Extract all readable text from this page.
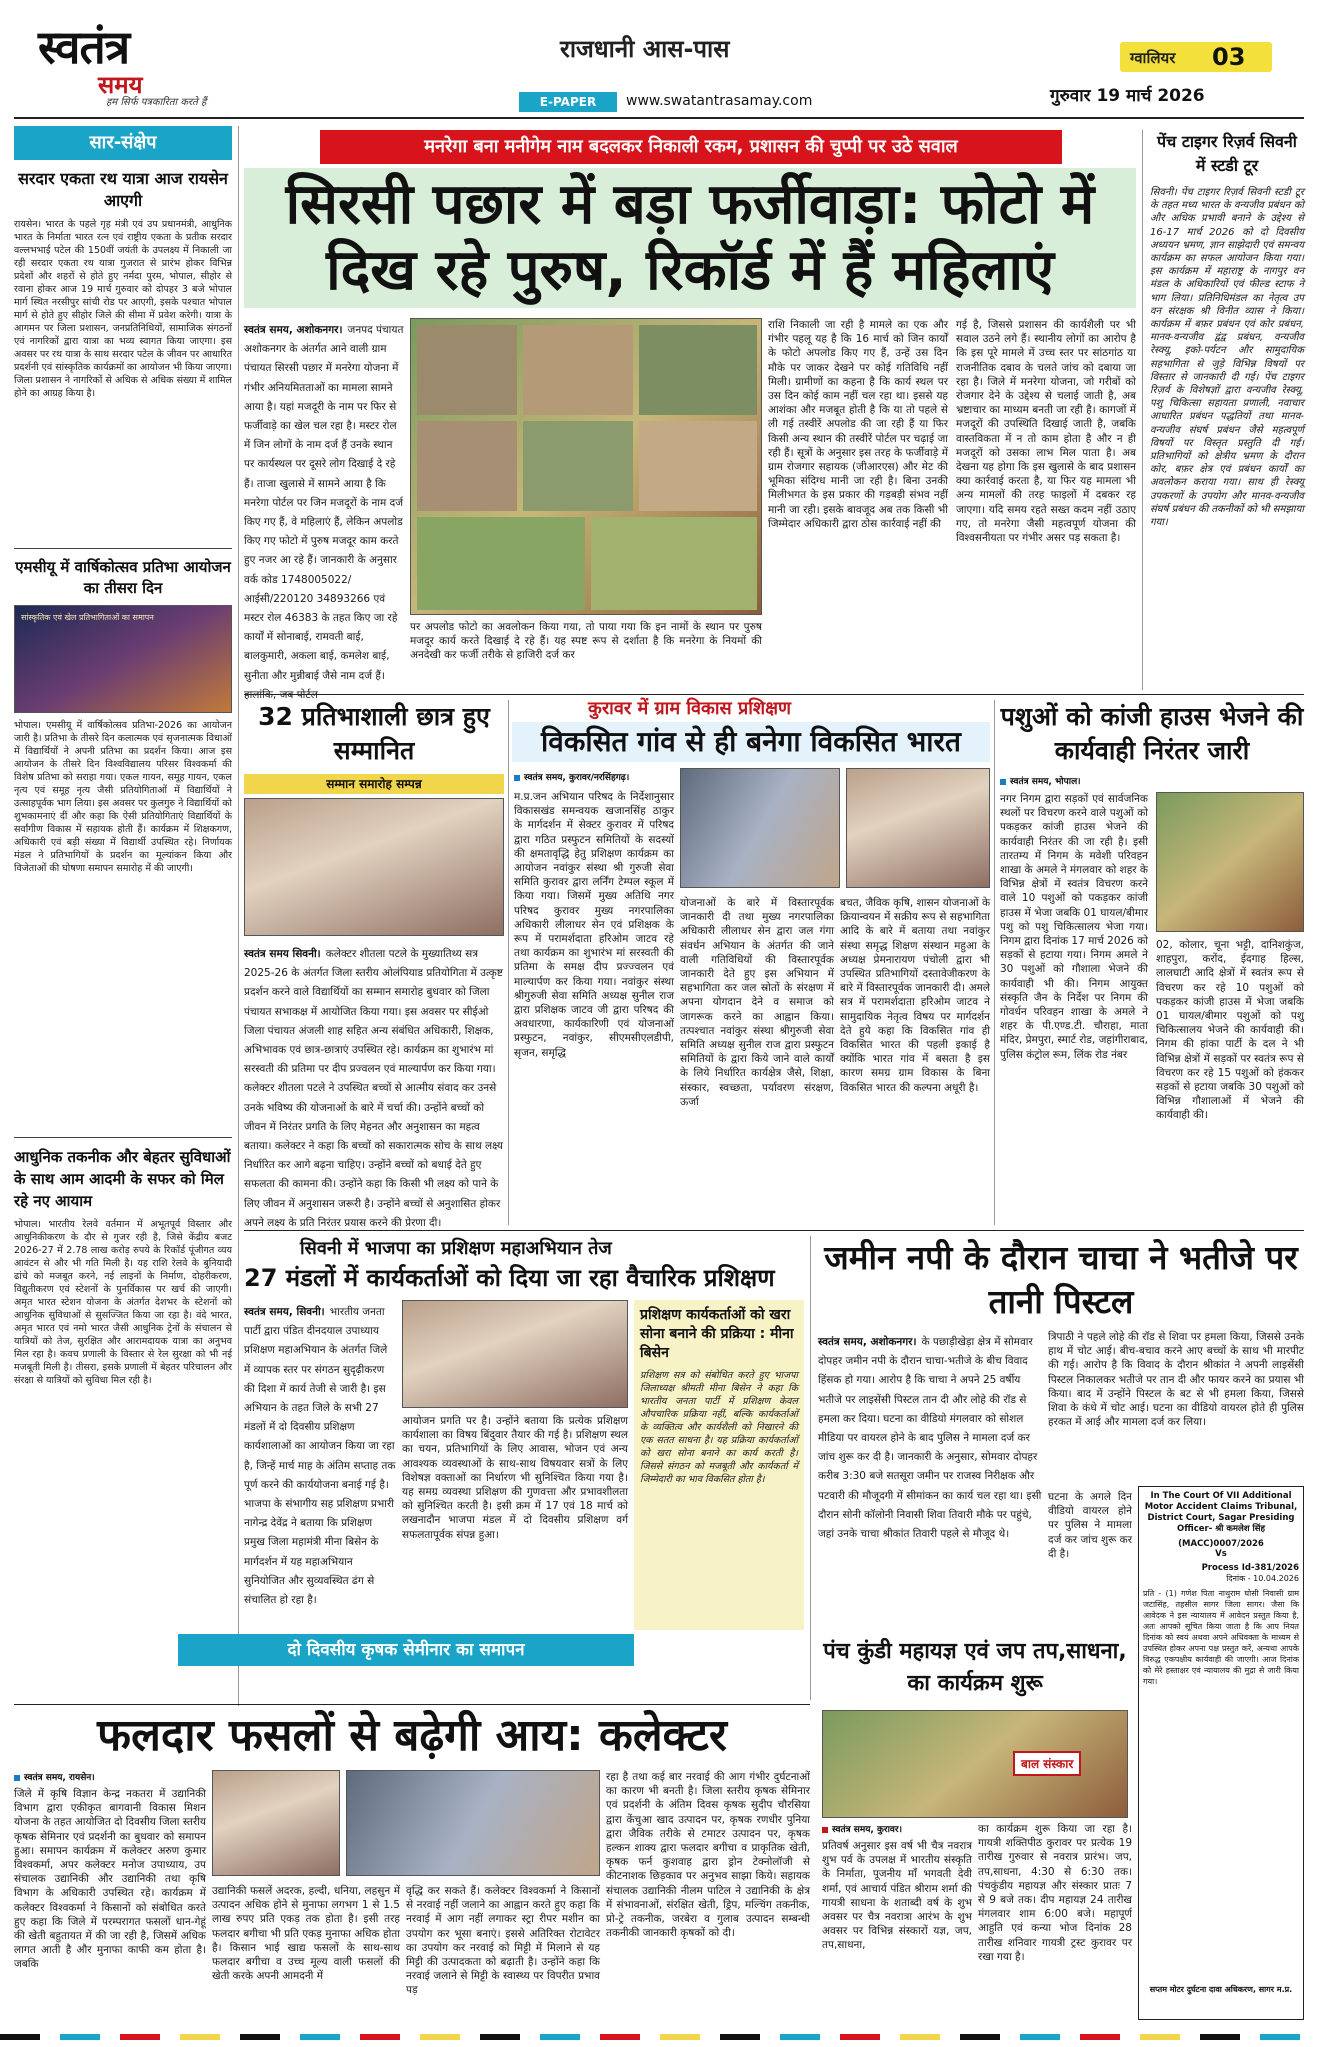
स्वतंत्र
समय
हम सिर्फ पत्रकारिता करते हैं
राजधानी आस-पास
E-PAPER	www.swatantrasamay.com
ग्वालियर 03
गुरुवार 19 मार्च 2026
सार-संक्षेप
सरदार एकता रथ यात्रा आज रायसेन आएगी
रायसेन। भारत के पहले गृह मंत्री एवं उप प्रधानमंत्री, आधुनिक भारत के निर्माता भारत रत्न एवं राष्ट्रीय एकता के प्रतीक सरदार वल्लभभाई पटेल की 150वीं जयंती के उपलक्ष्य में निकाली जा रही सरदार एकता रथ यात्रा गुजरात से प्रारंभ होकर विभिन्न प्रदेशों और शहरों से होते हुए नर्मदा पुरम, भोपाल, सीहोर से रवाना होकर आज 19 मार्च गुरुवार को दोपहर 3 बजे भोपाल मार्ग स्थित नरसीपुर सांची रोड पर आएगी, इसके पश्चात भोपाल मार्ग से होते हुए सीहोर जिले की सीमा में प्रवेश करेगी। यात्रा के आगमन पर जिला प्रशासन, जनप्रतिनिधियों, सामाजिक संगठनों एवं नागरिकों द्वारा यात्रा का भव्य स्वागत किया जाएगा। इस अवसर पर रथ यात्रा के साथ सरदार पटेल के जीवन पर आधारित प्रदर्शनी एवं सांस्कृतिक कार्यक्रमों का आयोजन भी किया जाएगा। जिला प्रशासन ने नागरिकों से अधिक से अधिक संख्या में शामिल होने का आग्रह किया है।
एमसीयू में वार्षिकोत्सव प्रतिभा आयोजन का तीसरा दिन
सांस्कृतिक एवं खेल प्रतिभागिताओं का समापन
भोपाल। एमसीयू में वार्षिकोत्सव प्रतिभा-2026 का आयोजन जारी है। प्रतिभा के तीसरे दिन कलात्मक एवं सृजनात्मक विधाओं में विद्यार्थियों ने अपनी प्रतिभा का प्रदर्शन किया। आज इस आयोजन के तीसरे दिन विश्वविद्यालय परिसर विश्वकर्मा की विशेष प्रतिभा को सराहा गया। एकल गायन, समूह गायन, एकल नृत्य एवं समूह नृत्य जैसी प्रतियोगिताओं में विद्यार्थियों ने उत्साहपूर्वक भाग लिया। इस अवसर पर कुलगुरु ने विद्यार्थियों को शुभकामनाएं दीं और कहा कि ऐसी प्रतियोगिताएं विद्यार्थियों के सर्वांगीण विकास में सहायक होती हैं। कार्यक्रम में शिक्षकगण, अधिकारी एवं बड़ी संख्या में विद्यार्थी उपस्थित रहे। निर्णायक मंडल ने प्रतिभागियों के प्रदर्शन का मूल्यांकन किया और विजेताओं की घोषणा समापन समारोह में की जाएगी।
आधुनिक तकनीक और बेहतर सुविधाओं के साथ आम आदमी के सफर को मिल रहे नए आयाम
भोपाल। भारतीय रेलवे वर्तमान में अभूतपूर्व विस्तार और आधुनिकीकरण के दौर से गुजर रही है, जिसे केंद्रीय बजट 2026-27 में 2.78 लाख करोड़ रुपये के रिकॉर्ड पूंजीगत व्यय आवंटन से और भी गति मिली है। यह राशि रेलवे के बुनियादी ढांचे को मजबूत करने, नई लाइनों के निर्माण, दोहरीकरण, विद्युतीकरण एवं स्टेशनों के पुनर्विकास पर खर्च की जाएगी। अमृत भारत स्टेशन योजना के अंतर्गत देशभर के स्टेशनों को आधुनिक सुविधाओं से सुसज्जित किया जा रहा है। वंदे भारत, अमृत भारत एवं नमो भारत जैसी आधुनिक ट्रेनों के संचालन से यात्रियों को तेज, सुरक्षित और आरामदायक यात्रा का अनुभव मिल रहा है। कवच प्रणाली के विस्तार से रेल सुरक्षा को भी नई मजबूती मिली है। तीसरा, इसके प्रणाली में बेहतर परिचालन और संरक्षा से यात्रियों को सुविधा मिल रही है।
मनरेगा बना मनीगेम नाम बदलकर निकाली रकम, प्रशासन की चुप्पी पर उठे सवाल
सिरसी पछार में बड़ा फर्जीवाड़ा: फोटो में
दिख रहे पुरुष, रिकॉर्ड में हैं महिलाएं
स्वतंत्र समय, अशोकनगर। जनपद पंचायत अशोकनगर के अंतर्गत आने वाली ग्राम पंचायत सिरसी पछार में मनरेगा योजना में गंभीर अनियमितताओं का मामला सामने आया है। यहां मजदूरी के नाम पर फिर से फर्जीवाड़े का खेल चल रहा है। मस्टर रोल में जिन लोगों के नाम दर्ज हैं उनके स्थान पर कार्यस्थल पर दूसरे लोग दिखाई दे रहे हैं। ताजा खुलासे में सामने आया है कि मनरेगा पोर्टल पर जिन मजदूरों के नाम दर्ज किए गए हैं, वे महिलाएं हैं, लेकिन अपलोड किए गए फोटो में पुरुष मजदूर काम करते हुए नजर आ रहे हैं। जानकारी के अनुसार वर्क कोड 1748005022/आईसी/220120 34893266 एवं मस्टर रोल 46383 के तहत किए जा रहे कार्यों में सोनाबाई, रामवती बाई, बालकुमारी, अकला बाई, कमलेश बाई, सुनीता और मुन्नीबाई जैसे नाम दर्ज हैं।
पर अपलोड फोटो का अवलोकन किया गया, तो पाया गया कि इन नामों के स्थान पर पुरुष मजदूर कार्य करते दिखाई दे रहे हैं। यह स्पष्ट रूप से दर्शाता है कि मनरेगा के नियमों की अनदेखी कर फर्जी तरीके से हाजिरी दर्ज कर
राशि निकाली जा रही है मामले का एक और गंभीर पहलू यह है कि 16 मार्च को जिन कार्यों के फोटो अपलोड किए गए हैं, उन्हें उस दिन मौके पर जाकर देखने पर कोई गतिविधि नहीं मिली। ग्रामीणों का कहना है कि कार्य स्थल पर उस दिन कोई काम नहीं चल रहा था। इससे यह आशंका और मजबूत होती है कि या तो पहले से ली गई तस्वीरें अपलोड की जा रही हैं या फिर किसी अन्य स्थान की तस्वीरें पोर्टल पर चढ़ाई जा रही हैं। सूत्रों के अनुसार इस तरह के फर्जीवाड़े में ग्राम रोजगार सहायक (जीआरएस) और मेट की भूमिका संदिग्ध मानी जा रही है। बिना उनकी मिलीभगत के इस प्रकार की गड़बड़ी संभव नहीं मानी जा रही। इसके बावजूद अब तक किसी भी जिम्मेदार अधिकारी द्वारा ठोस कार्रवाई नहीं की
गई है, जिससे प्रशासन की कार्यशैली पर भी सवाल उठने लगे हैं। स्थानीय लोगों का आरोप है कि इस पूरे मामले में उच्च स्तर पर सांठगांठ या राजनीतिक दबाव के चलते जांच को दबाया जा रहा है। जिले में मनरेगा योजना, जो गरीबों को रोजगार देने के उद्देश्य से चलाई जाती है, अब भ्रष्टाचार का माध्यम बनती जा रही है। कागजों में मजदूरों की उपस्थिति दिखाई जाती है, जबकि वास्तविकता में न तो काम होता है और न ही मजदूरों को उसका लाभ मिल पाता है। अब देखना यह होगा कि इस खुलासे के बाद प्रशासन क्या कार्रवाई करता है, या फिर यह मामला भी अन्य मामलों की तरह फाइलों में दबकर रह जाएगा। यदि समय रहते सख्त कदम नहीं उठाए गए, तो मनरेगा जैसी महत्वपूर्ण योजना की विश्वसनीयता पर गंभीर असर पड़ सकता है।
पेंच टाइगर रिज़र्व सिवनी में स्टडी टूर
सिवनी। पेंच टाइगर रिज़र्व सिवनी स्टडी टूर के तहत मध्य भारत के वन्यजीव प्रबंधन को और अधिक प्रभावी बनाने के उद्देश्य से 16-17 मार्च 2026 को दो दिवसीय अध्ययन भ्रमण, ज्ञान साझेदारी एवं समन्वय कार्यक्रम का सफल आयोजन किया गया। इस कार्यक्रम में महाराष्ट्र के नागपुर वन मंडल के अधिकारियों एवं फील्ड स्टाफ ने भाग लिया। प्रतिनिधिमंडल का नेतृत्व उप वन संरक्षक श्री विनीत व्यास ने किया। कार्यक्रम में बफ़र प्रबंधन एवं कोर प्रबंधन, मानव-वन्यजीव द्वंद्व प्रबंधन, वन्यजीव रेस्क्यू, इको-पर्यटन और सामुदायिक सहभागिता से जुड़े विभिन्न विषयों पर विस्तार से जानकारी दी गई। पेंच टाइगर रिज़र्व के विशेषज्ञों द्वारा वन्यजीव रेस्क्यू, पशु चिकित्सा सहायता प्रणाली, नवाचार आधारित प्रबंधन पद्धतियों तथा मानव-वन्यजीव संघर्ष प्रबंधन जैसे महत्वपूर्ण विषयों पर विस्तृत प्रस्तुति दी गई। प्रतिभागियों को क्षेत्रीय भ्रमण के दौरान कोर, बफ़र क्षेत्र एवं प्रबंधन कार्यों का अवलोकन कराया गया। साथ ही रेस्क्यू उपकरणों के उपयोग और मानव-वन्यजीव संघर्ष प्रबंधन की तकनीकों को भी समझाया गया।
32 प्रतिभाशाली छात्र हुए सम्मानित
सम्मान समारोह सम्पन्न
स्वतंत्र समय सिवनी। कलेक्टर शीतला पटले के मुख्यातिथ्य सत्र 2025-26 के अंतर्गत जिला स्तरीय ओलंपियाड प्रतियोगिता में उत्कृष्ट प्रदर्शन करने वाले विद्यार्थियों का सम्मान समारोह बुधवार को जिला पंचायत सभाकक्ष में आयोजित किया गया। इस अवसर पर सीईओ जिला पंचायत अंजली शाह सहित अन्य संबंधित अधिकारी, शिक्षक, अभिभावक एवं छात्र-छात्राएं उपस्थित रहे। कार्यक्रम का शुभारंभ मां सरस्वती की प्रतिमा पर दीप प्रज्वलन एवं माल्यार्पण कर किया गया। कलेक्टर शीतला पटले ने उपस्थित बच्चों से आत्मीय संवाद कर उनसे उनके भविष्य की योजनाओं के बारे में चर्चा की। उन्होंने बच्चों को जीवन में निरंतर प्रगति के लिए मेहनत और अनुशासन का महत्व बताया। कलेक्टर ने कहा कि बच्चों को सकारात्मक सोच के साथ लक्ष्य निर्धारित कर आगे बढ़ना चाहिए। उन्होंने बच्चों को बधाई देते हुए सफलता की कामना की। उन्होंने कहा कि किसी भी लक्ष्य को पाने के लिए जीवन में अनुशासन जरूरी है। उन्होंने बच्चों से अनुशासित होकर अपने लक्ष्य के प्रति निरंतर प्रयास करने की प्रेरणा दी।
कुरावर में ग्राम विकास प्रशिक्षण
विकसित गांव से ही बनेगा विकसित भारत
स्वतंत्र समय, कुरावर/नरसिंहगढ़।
म.प्र.जन अभियान परिषद के निर्देशानुसार विकासखंड समन्वयक खजानसिंह ठाकुर के मार्गदर्शन में सेक्टर कुरावर में परिषद द्वारा गठित प्रस्फुटन समितियों के सदस्यों की क्षमतावृद्धि हेतु प्रशिक्षण कार्यक्रम का आयोजन नवांकुर संस्था श्री गुरुजी सेवा समिति कुरावर द्वारा लर्निंग टेम्पल स्कूल में किया गया। जिसमें मुख्य अतिथि नगर परिषद कुरावर मुख्य नगरपालिका अधिकारी लीलाधर सेन एवं प्रशिक्षक के रूप में परामर्शदाता हरिओम जाटव रहे तथा कार्यक्रम का शुभारंभ मां सरस्वती की प्रतिमा के समक्ष दीप प्रज्ज्वलन एवं माल्यार्पण कर किया गया। नवांकुर संस्था श्रीगुरुजी सेवा समिति अध्यक्ष सुनील राज द्वारा प्रशिक्षक जाटव जी द्वारा परिषद की अवधारणा, कार्यकारिणी एवं योजनाओं प्रस्फुटन, नवांकुर, सीएमसीएलडीपी, सृजन, समृद्धि
योजनाओं के बारे में विस्तारपूर्वक जानकारी दी तथा मुख्य नगरपालिका अधिकारी लीलाधर सेन द्वारा जल गंगा संवर्धन अभियान के अंतर्गत की जाने वाली गतिविधियों की विस्तारपूर्वक जानकारी देते हुए इस अभियान में सहभागिता कर जल स्रोतों के संरक्षण में अपना योगदान देने व समाज को जागरूक करने का आह्वान किया। तत्पश्चात नवांकुर संस्था श्रीगुरुजी सेवा समिति अध्यक्ष सुनील राज द्वारा प्रस्फुटन समितियों के द्वारा किये जाने वाले कार्यों के लिये निर्धारित कार्यक्षेत्र जैसे, शिक्षा, संस्कार, स्वच्छता, पर्यावरण संरक्षण, ऊर्जा
बचत, जैविक कृषि, शासन योजनाओं के क्रियान्वयन में सक्रीय रूप से सहभागिता आदि के बारे में बताया तथा नवांकुर संस्था समृद्ध शिक्षण संस्थान महुआ के अध्यक्ष प्रेमनारायण पंचोली द्वारा भी उपस्थित प्रतिभागियों दस्तावेजीकरण के बारे में विस्तारपूर्वक जानकारी दी। अमले सत्र में परामर्शदाता हरिओम जाटव ने सामुदायिक नेतृत्व विषय पर मार्गदर्शन देते हुये कहा कि विकसित गांव ही विकसित भारत की पहली इकाई है क्योंकि भारत गांव में बसता है इस कारण समग्र ग्राम विकास के बिना विकसित भारत की कल्पना अधूरी है।
पशुओं को कांजी हाउस भेजने की कार्यवाही निरंतर जारी
स्वतंत्र समय, भोपाल।
नगर निगम द्वारा सड़कों एवं सार्वजनिक स्थलों पर विचरण करने वाले पशुओं को पकड़कर कांजी हाउस भेजने की कार्यवाही निरंतर की जा रही है। इसी तारतम्य में निगम के मवेशी परिवहन शाखा के अमले ने मंगलवार को शहर के विभिन्न क्षेत्रों में स्वतंत्र विचरण करने वाले 10 पशुओं को पकड़कर कांजी हाउस में भेजा जबकि 01 घायल/बीमार पशु को पशु चिकित्सालय भेजा गया। निगम द्वारा दिनांक 17 मार्च 2026 को सड़कों से हटाया गया। निगम अमले ने 30 पशुओं को गौशाला भेजने की कार्यवाही भी की। निगम आयुक्त संस्कृति जैन के निर्देश पर निगम की गोवर्धन परिवहन शाखा के अमले ने शहर के पी.एण्ड.टी. चौराहा, माता मंदिर, प्रेमपुरा, स्मार्ट रोड, जहांगीराबाद, पुलिस कंट्रोल रूम, लिंक रोड नंबर
02, कोलार, चूना भट्टी, दानिशकुंज, शाहपुरा, करोंद, ईदगाह हिल्स, लालघाटी आदि क्षेत्रों में स्वतंत्र रूप से विचरण कर रहे 10 पशुओं को पकड़कर कांजी हाउस में भेजा जबकि 01 घायल/बीमार पशुओं को पशु चिकित्सालय भेजने की कार्यवाही की। निगम की हांका पार्टी के दल ने भी विभिन्न क्षेत्रों में सड़कों पर स्वतंत्र रूप से विचरण कर रहे 15 पशुओं को हंककर सड़कों से हटाया जबकि 30 पशुओं को विभिन्न गौशालाओं में भेजने की कार्यवाही की।
सिवनी में भाजपा का प्रशिक्षण महाअभियान तेज
27 मंडलों में कार्यकर्ताओं को दिया जा रहा वैचारिक प्रशिक्षण
स्वतंत्र समय, सिवनी। भारतीय जनता पार्टी द्वारा पंडित दीनदयाल उपाध्याय प्रशिक्षण महाअभियान के अंतर्गत जिले में व्यापक स्तर पर संगठन सुदृढ़ीकरण की दिशा में कार्य तेजी से जारी है। इस अभियान के तहत जिले के सभी 27 मंडलों में दो दिवसीय प्रशिक्षण कार्यशालाओं का आयोजन किया जा रहा है, जिन्हें मार्च माह के अंतिम सप्ताह तक पूर्ण करने की कार्ययोजना बनाई गई है। भाजपा के संभागीय सह प्रशिक्षण प्रभारी नागेन्द्र देवेंद्र ने बताया कि प्रशिक्षण प्रमुख जिला महामंत्री मीना बिसेन के मार्गदर्शन में यह महाअभियान सुनियोजित और सुव्यवस्थित ढंग से संचालित हो रहा है।
आयोजन प्रगति पर है। उन्होंने बताया कि प्रत्येक प्रशिक्षण कार्यशाला का विषय बिंदुवार तैयार की गई है। प्रशिक्षण स्थल का चयन, प्रतिभागियों के लिए आवास, भोजन एवं अन्य आवश्यक व्यवस्थाओं के साथ-साथ विषयवार सत्रों के लिए विशेषज्ञ वक्ताओं का निर्धारण भी सुनिश्चित किया गया है। यह समग्र व्यवस्था प्रशिक्षण की गुणवत्ता और प्रभावशीलता को सुनिश्चित करती है। इसी क्रम में 17 एवं 18 मार्च को लखनादौन भाजपा मंडल में दो दिवसीय प्रशिक्षण वर्ग सफलतापूर्वक संपन्न हुआ।
प्रशिक्षण कार्यकर्ताओं को खरा सोना बनाने की प्रक्रिया : मीना बिसेन
प्रशिक्षण सत्र को संबोधित करते हुए भाजपा जिलाध्यक्ष श्रीमती मीना बिसेन ने कहा कि भारतीय जनता पार्टी में प्रशिक्षण केवल औपचारिक प्रक्रिया नहीं, बल्कि कार्यकर्ताओं के व्यक्तित्व और कार्यशैली को निखारने की एक सतत साधना है। यह प्रक्रिया कार्यकर्ताओं को खरा सोना बनाने का कार्य करती है। जिससे संगठन को मजबूती और कार्यकर्ता में जिम्मेदारी का भाव विकसित होता है।
जमीन नपी के दौरान चाचा ने भतीजे पर तानी पिस्टल
स्वतंत्र समय, अशोकनगर। के पछाड़ीखेड़ा क्षेत्र में सोमवार दोपहर जमीन नपी के दौरान चाचा-भतीजे के बीच विवाद हिंसक हो गया। आरोप है कि चाचा ने अपने 25 वर्षीय भतीजे पर लाइसेंसी पिस्टल तान दी और लोहे की रॉड से हमला कर दिया। घटना का वीडियो मंगलवार को सोशल मीडिया पर वायरल होने के बाद पुलिस ने मामला दर्ज कर जांच शुरू कर दी है। जानकारी के अनुसार, सोमवार दोपहर करीब 3:30 बजे सतसूरा जमीन पर राजस्व निरीक्षक और पटवारी की मौजूदगी में सीमांकन का कार्य चल रहा था। इसी दौरान सोनी कॉलोनी निवासी शिवा तिवारी मौके पर पहुंचे, जहां उनके चाचा श्रीकांत तिवारी पहले से मौजूद थे।
त्रिपाठी ने पहले लोहे की रॉड से शिवा पर हमला किया, जिससे उनके हाथ में चोट आई। बीच-बचाव करने आए बच्चों के साथ भी मारपीट की गई। आरोप है कि विवाद के दौरान श्रीकांत ने अपनी लाइसेंसी पिस्टल निकालकर भतीजे पर तान दी और फायर करने का प्रयास भी किया। बाद में उन्होंने पिस्टल के बट से भी हमला किया, जिससे शिवा के कंधे में चोट आई। घटना का वीडियो वायरल होते ही पुलिस हरकत में आई और मामला दर्ज कर लिया।
घटना के अगले दिन वीडियो वायरल होने पर पुलिस ने मामला दर्ज कर जांच शुरू कर दी है।
In The Court Of VII Additional Motor Accident Claims Tribunal, District Court, Sagar Presiding Officer- श्री कमलेश सिंह
(MACC)0007/2026
Vs
Process Id-381/2026
दिनांक - 10.04.2026
प्रति - (1) गणेश पिता नाथुराम घोसी निवासी ग्राम जटासिंह, तहसील सागर जिला सागर। जैसा कि आवेदक ने इस न्यायालय में आवेदन प्रस्तुत किया है, अतः आपको सूचित किया जाता है कि आप नियत दिनांक को स्वयं अथवा अपने अधिवक्ता के माध्यम से उपस्थित होकर अपना पक्ष प्रस्तुत करें, अन्यथा आपके विरुद्ध एकपक्षीय कार्यवाही की जाएगी। आज दिनांक को मेरे हस्ताक्षर एवं न्यायालय की मुद्रा से जारी किया गया।
सप्तम मोटर दुर्घटना दावा अधिकरण, सागर म.प्र.
दो दिवसीय कृषक सेमीनार का समापन
फलदार फसलों से बढ़ेगी आय: कलेक्टर
स्वतंत्र समय, रायसेन।
जिले में कृषि विज्ञान केन्द्र नकतरा में उद्यानिकी विभाग द्वारा एकीकृत बागवानी विकास मिशन योजना के तहत आयोजित दो दिवसीय जिला स्तरीय कृषक सेमिनार एवं प्रदर्शनी का बुधवार को समापन हुआ। समापन कार्यक्रम में कलेक्टर अरुण कुमार विश्वकर्मा, अपर कलेक्टर मनोज उपाध्याय, उप संचालक उद्यानिकी और उद्यानिकी तथा कृषि विभाग के अधिकारी उपस्थित रहे। कार्यक्रम में कलेक्टर विश्वकर्मा ने किसानों को संबोधित करते हुए कहा कि जिले में परम्परागत फसलों धान-गेहूं की खेती बहुतायत में की जा रही है, जिसमें अधिक लागत आती है और मुनाफा काफी कम होता है। जबकि
उद्यानिकी फसलें अदरक, हल्दी, धनिया, लहसुन में उत्पादन अधिक होने से मुनाफा लगभग 1 से 1.5 लाख रुपए प्रति एकड़ तक होता है। इसी तरह फलदार बगीचा भी प्रति एकड़ मुनाफा अधिक होता है। किसान भाई खाद्य फसलों के साथ-साथ फलदार बगीचा व उच्च मूल्य वाली फसलों की खेती करके अपनी आमदनी में
वृद्धि कर सकते हैं। कलेक्टर विश्वकर्मा ने किसानों से नरवाई नहीं जलाने का आह्वान करते हुए कहा कि नरवाई में आग नहीं लगाकर स्ट्रा रीपर मशीन का उपयोग कर भूसा बनाएं। इससे अतिरिक्त रोटावेटर का उपयोग कर नरवाई को मिट्टी में मिलाने से यह मिट्टी की उत्पादकता को बढ़ाती है। उन्होंने कहा कि नरवाई जलाने से मिट्टी के स्वास्थ्य पर विपरीत प्रभाव पड़
रहा है तथा कई बार नरवाई की आग गंभीर दुर्घटनाओं का कारण भी बनती है। जिला स्तरीय कृषक सेमिनार एवं प्रदर्शनी के अंतिम दिवस कृषक सुदीप चौरसिया द्वारा केंचुआ खाद उत्पादन पर, कृषक रणधीर पुनिया द्वारा जैविक तरीके से टमाटर उत्पादन पर, कृषक हल्कन शाक्य द्वारा फलदार बगीचा व प्राकृतिक खेती, कृषक फर्न कुशवाह द्वारा ड्रोन टेक्नोलॉजी से कीटनाशक छिड़काव पर अनुभव साझा किये। सहायक संचालक उद्यानिकी नीलम पाटिल ने उद्यानिकी के क्षेत्र में संभावनाओं, संरक्षित खेती, ड्रिप, मल्चिंग तकनीक, प्रो-ट्रे तकनीक, जरबेरा व गुलाब उत्पादन सम्बन्धी तकनीकी जानकारी कृषकों को दी।
पंच कुंडी महायज्ञ एवं जप तप,साधना, का कार्यक्रम शुरू
बाल संस्कार
स्वतंत्र समय, कुरावर।
प्रतिवर्ष अनुसार इस वर्ष भी चैत्र नवरात्र शुभ पर्व के उपलक्ष में भारतीय संस्कृति के निर्माता, पूजनीय माँ भगवती देवी शर्मा, एवं आचार्य पंडित श्रीराम शर्मा की गायत्री साधना के शताब्दी वर्ष के शुभ अवसर पर चैत्र नवरात्रा आरंभ के शुभ अवसर पर विभिन्न संस्कारों यज्ञ, जप, तप,साधना,
का कार्यक्रम शुरू किया जा रहा है। गायत्री शक्तिपीठ कुरावर पर प्रत्येक 19 तारीख गुरुवार से नवरात्र प्रारंभ। जप, तप,साधना, 4:30 से 6:30 तक। पंचकुंडीय महायज्ञ और संस्कार प्रातः 7 से 9 बजे तक। दीप महायज्ञ 24 तारीख मंगलवार शाम 6:00 बजे। महापूर्ण आहुति एवं कन्या भोज दिनांक 28 तारीख शनिवार गायत्री ट्रस्ट कुरावर पर रखा गया है।
